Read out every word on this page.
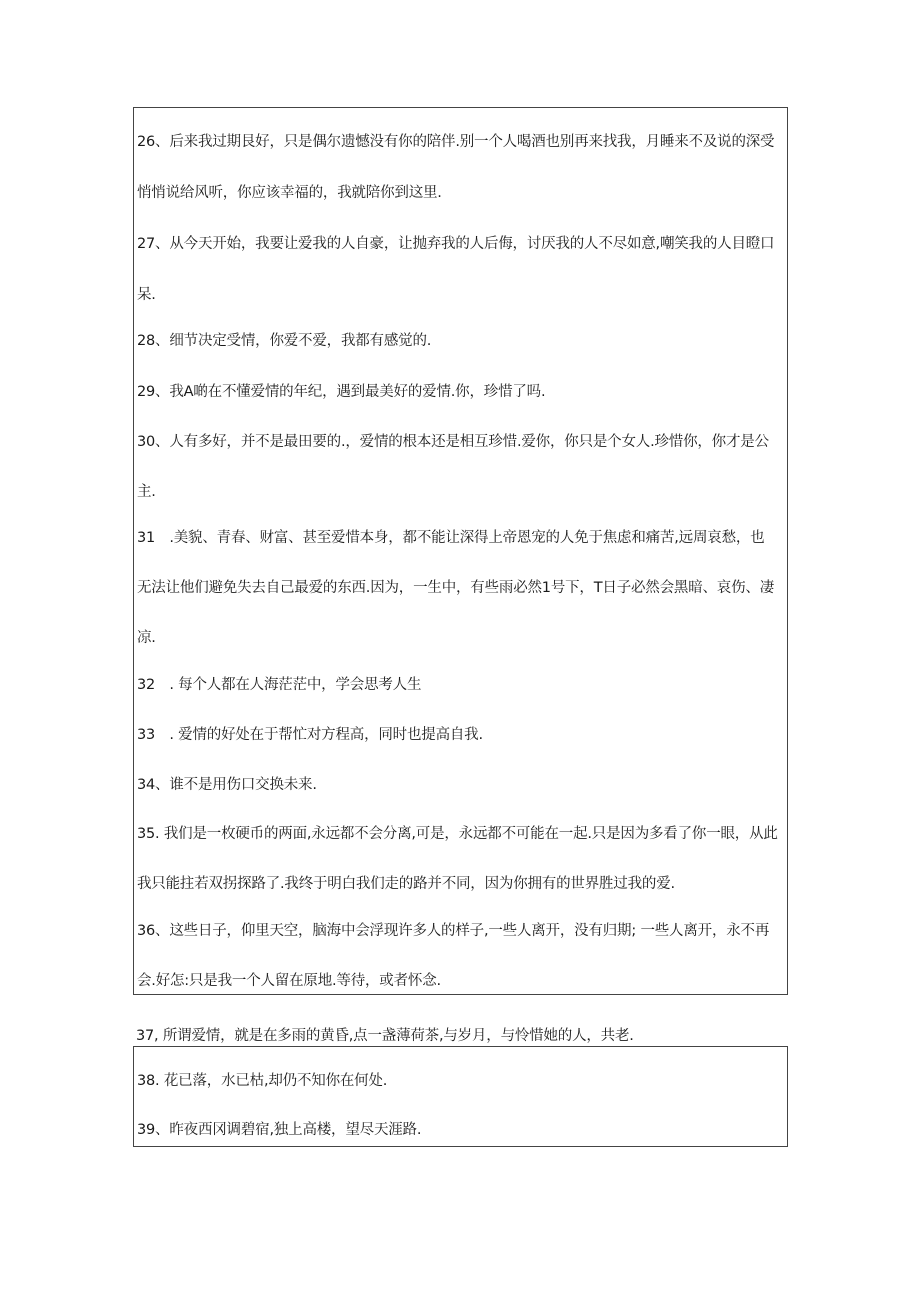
26、后来我过期艮好，只是偶尔遗憾没有你的陪伴.别一个人喝酒也别再来找我，月睡来不及说的深受
悄悄说给风听，你应该幸福的，我就陪你到这里.
27、从今天开始，我要让爱我的人自豪，让抛弃我的人后侮，讨厌我的人不尽如意,嘲笑我的人目瞪口
呆.
28、细节决定受情，你爱不爱，我都有感觉的.
29、我A啲在不懂爱情的年纪，遇到最美好的爱情.你，珍惜了吗.
30、人有多好，并不是最田要的.，爱情的根本还是相互珍惜.爱你，你只是个女人.珍惜你，你才是公
主.
31　.美貌、青春、财富、甚至爱惜本身，都不能让深得上帝恩宠的人免于焦虑和痛苦,远周哀愁，也
无法让他们避免失去自己最爱的东西.因为，一生中，有些雨必然1号下，T日子必然会黑暗、哀伤、凄
凉.
32　. 每个人都在人海茫茫中，学会思考人生
33　. 爱情的好处在于帮忙对方程高，同时也提高自我.
34、谁不是用伤口交换未来.
35. 我们是一枚硬币的两面,永远都不会分离,可是，永远都不可能在一起.只是因为多看了你一眼，从此
我只能拄若双拐探路了.我终于明白我们走的路并不同，因为你拥有的世界胜过我的爱.
36、这些日子，仰里天空，脑海中会浮现许多人的样子,一些人离开，没有归期; 一些人离开，永不再
会.好怎:只是我一个人留在原地.等待，或者怀念.
37, 所谓爱情，就是在多雨的黄昏,点一盏薄荷茶,与岁月，与怜惜她的人，共老.
38. 花已落，水已枯,却仍不知你在何处.
39、昨夜西冈调碧宿,独上高楼，望尽天涯路.
